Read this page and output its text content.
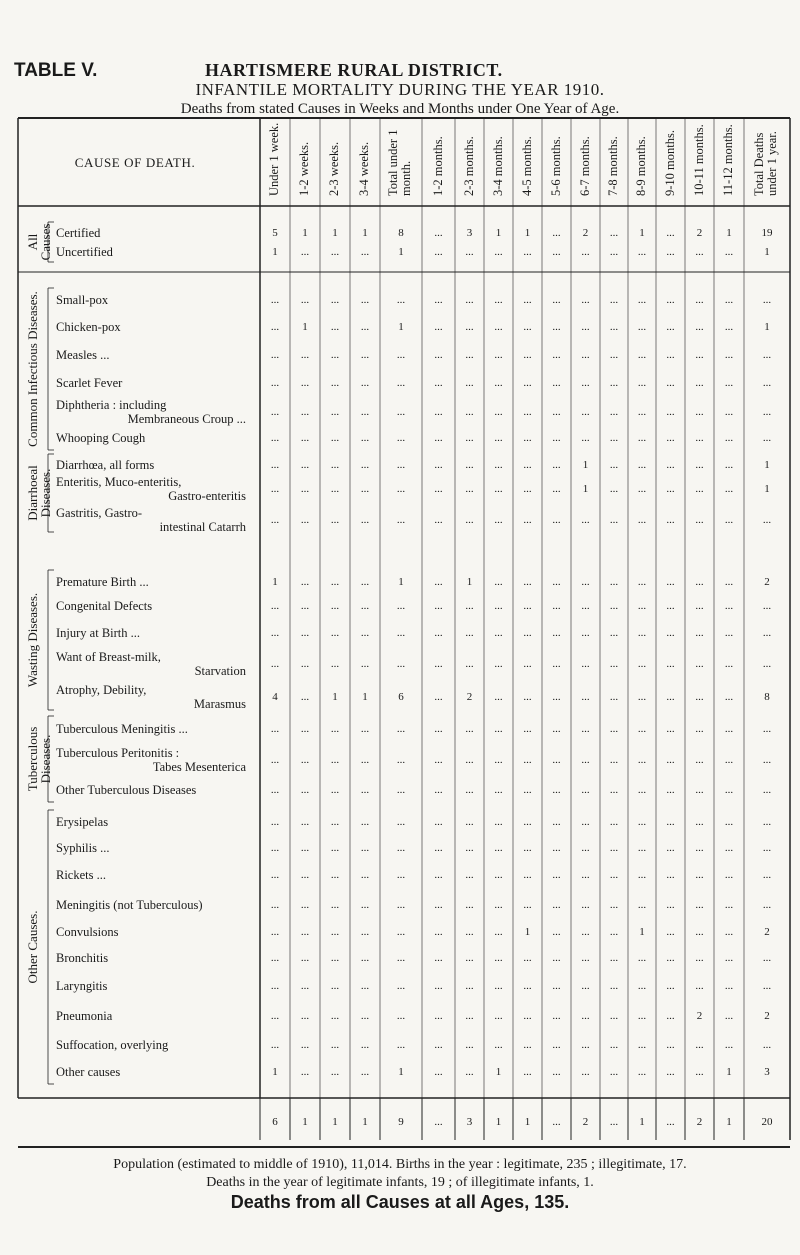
TABLE V.	HARTISMERE RURAL DISTRICT.
INFANTILE MORTALITY DURING THE YEAR 1910.
Deaths from stated Causes in Weeks and Months under One Year of Age.
CAUSE OF DEATH.	Under 1 week. 1-2 weeks. 2-3 weeks. 3-4 weeks. Total under 1 month. 1-2 months. 2-3 months. 3-4 months. 4-5 months. 5-6 months. 6-7 months. 7-8 months. 8-9 months. 9-10 months. 10-11 months. 11-12 months. Total Deaths under 1 year.
All Causes Certified	5	1	1	1	8	...	3	1	1	...	2	...	1	...	2	1	19
Uncertified	1	...	...	...	1	...	...	...	...	...	...	...	...	...	...	...	1
Common Infectious Diseases. Small-pox	...	...	...	...	...	...	...	...	...	...	...	...	...	...	...	...	...
Chicken-pox	...	1	...	...	1	...	...	...	...	...	...	...	...	...	...	...	1
Measles ...	...	...	...	...	...	...	...	...	...	...	...	...	...	...	...	...	...
Scarlet Fever	...	...	...	...	...	...	...	...	...	...	...	...	...	...	...	...	...
Diphtheria : including
Membraneous Croup ...	...	...	...	...	...	...	...	...	...	...	...	...	...	...	...	...	...
Whooping Cough	...	...	...	...	...	...	...	...	...	...	...	...	...	...	...	...	...
Diarrhoeal Diseases.
Diarrhœa, all forms	...	...	...	...	...	...	...	...	...	...	1	...	...	...	...	...	1
Enteritis, Muco-enteritis,
Gastro-enteritis	...	...	...	...	...	...	...	...	...	...	1	...	...	...	...	...	1
Gastritis, Gastro-
intestinal Catarrh	...	...	...	...	...	...	...	...	...	...	...	...	...	...	...	...	...
Wasting Diseases.
Premature Birth ...	1	...	...	...	1	...	1	...	...	...	...	...	...	...	...	...	2
Congenital Defects	...	...	...	...	...	...	...	...	...	...	...	...	...	...	...	...	...
Injury at Birth ...	...	...	...	...	...	...	...	...	...	...	...	...	...	...	...	...	...
Want of Breast-milk,
Starvation	...	...	...	...	...	...	...	...	...	...	...	...	...	...	...	...	...
Atrophy, Debility,
Marasmus	4	...	1	1	6	...	2	...	...	...	...	...	...	...	...	...	8
Tuberculous Diseases.
Tuberculous Meningitis ...	...	...	...	...	...	...	...	...	...	...	...	...	...	...	...	...	...
Tuberculous Peritonitis :
Tabes Mesenterica	...	...	...	...	...	...	...	...	...	...	...	...	...	...	...	...	...
Other Tuberculous Diseases	...	...	...	...	...	...	...	...	...	...	...	...	...	...	...	...	...
Other Causes.
Erysipelas	...	...	...	...	...	...	...	...	...	...	...	...	...	...	...	...	...
Syphilis ...	...	...	...	...	...	...	...	...	...	...	...	...	...	...	...	...	...
Rickets ...	...	...	...	...	...	...	...	...	...	...	...	...	...	...	...	...	...
Meningitis (not Tuberculous)	...	...	...	...	...	...	...	...	...	...	...	...	...	...	...	...	...
Convulsions	...	...	...	...	...	...	...	...	1	...	...	...	1	...	...	...	2
Bronchitis	...	...	...	...	...	...	...	...	...	...	...	...	...	...	...	...	...
Laryngitis	...	...	...	...	...	...	...	...	...	...	...	...	...	...	...	...	...
Pneumonia	...	...	...	...	...	...	...	...	...	...	...	...	...	...	2	...	2
Suffocation, overlying	...	...	...	...	...	...	...	...	...	...	...	...	...	...	...	...	...
Other causes	1	...	...	...	1	...	...	1	...	...	...	...	...	...	...	1	3
6	1	1	1	9	...	3	1	1	...	2	...	1	...	2	1	20
Population (estimated to middle of 1910), 11,014. Births in the year : legitimate, 235 ; illegitimate, 17.
Deaths in the year of legitimate infants, 19 ; of illegitimate infants, 1.
Deaths from all Causes at all Ages, 135.
